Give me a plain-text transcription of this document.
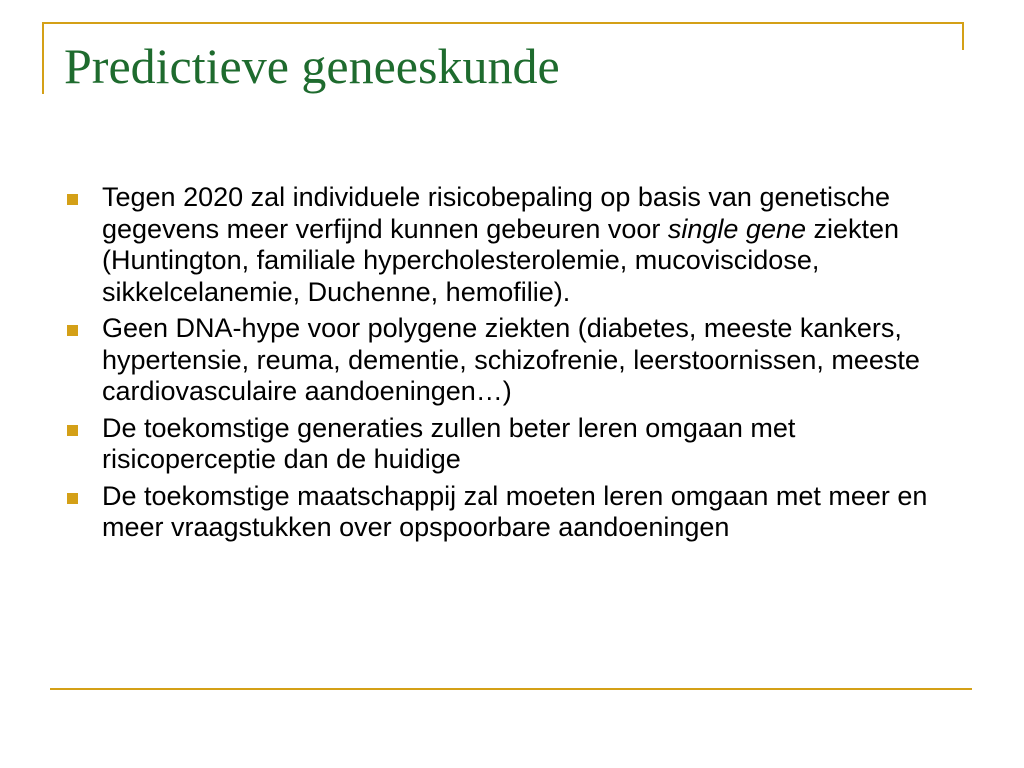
Predictieve geneeskunde
Tegen 2020 zal individuele risicobepaling op basis van genetische gegevens meer verfijnd kunnen gebeuren voor single gene ziekten (Huntington, familiale hypercholesterolemie, mucoviscidose, sikkelcelanemie, Duchenne, hemofilie).
Geen DNA-hype voor polygene ziekten (diabetes, meeste kankers, hypertensie, reuma, dementie, schizofrenie, leerstoornissen, meeste cardiovasculaire aandoeningen…)
De toekomstige generaties zullen beter leren omgaan met risicoperceptie dan de huidige
De toekomstige maatschappij zal moeten leren omgaan met meer en meer vraagstukken over opspoorbare aandoeningen
